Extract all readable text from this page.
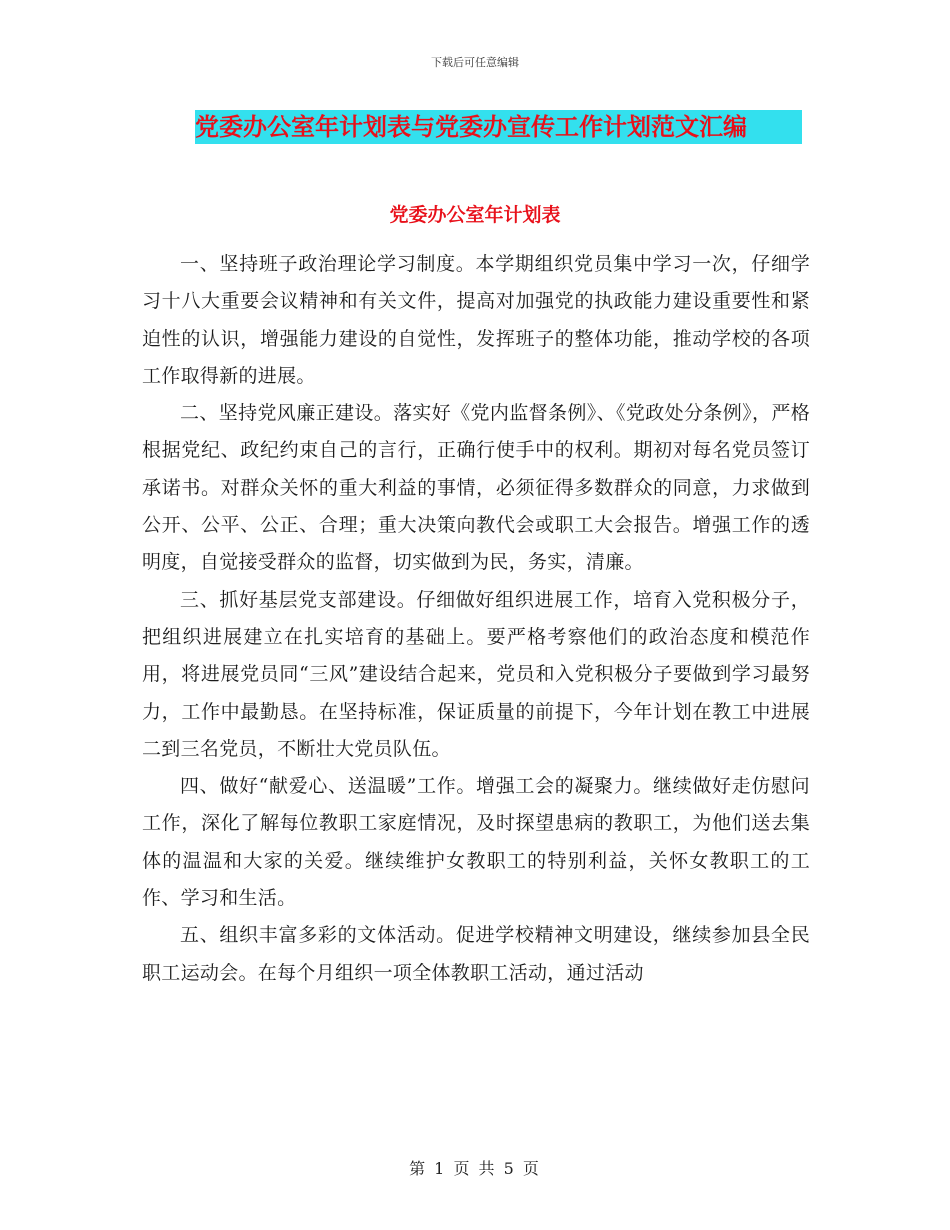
下载后可任意编辑
党委办公室年计划表与党委办宣传工作计划范文汇编
党委办公室年计划表

一、坚持班子政治理论学习制度。本学期组织党员集中学习一次，仔细学习十八大重要会议精神和有关文件，提高对加强党的执政能力建设重要性和紧迫性的认识，增强能力建设的自觉性，发挥班子的整体功能，推动学校的各项工作取得新的进展。

二、坚持党风廉正建设。落实好《党内监督条例》、《党政处分条例》，严格根据党纪、政纪约束自己的言行，正确行使手中的权利。期初对每名党员签订承诺书。对群众关怀的重大利益的事情，必须征得多数群众的同意，力求做到公开、公平、公正、合理；重大决策向教代会或职工大会报告。增强工作的透明度，自觉接受群众的监督，切实做到为民，务实，清廉。

三、抓好基层党支部建设。仔细做好组织进展工作，培育入党积极分子，把组织进展建立在扎实培育的基础上。要严格考察他们的政治态度和模范作用，将进展党员同“三风”建设结合起来，党员和入党积极分子要做到学习最努力，工作中最勤恳。在坚持标准，保证质量的前提下，今年计划在教工中进展二到三名党员，不断壮大党员队伍。

四、做好“献爱心、送温暖”工作。增强工会的凝聚力。继续做好走仿慰问工作，深化了解每位教职工家庭情况，及时探望患病的教职工，为他们送去集体的温温和大家的关爱。继续维护女教职工的特别利益，关怀女教职工的工作、学习和生活。

五、组织丰富多彩的文体活动。促进学校精神文明建设，继续参加县全民职工运动会。在每个月组织一项全体教职工活动，通过活动

第 1 页 共 5 页
